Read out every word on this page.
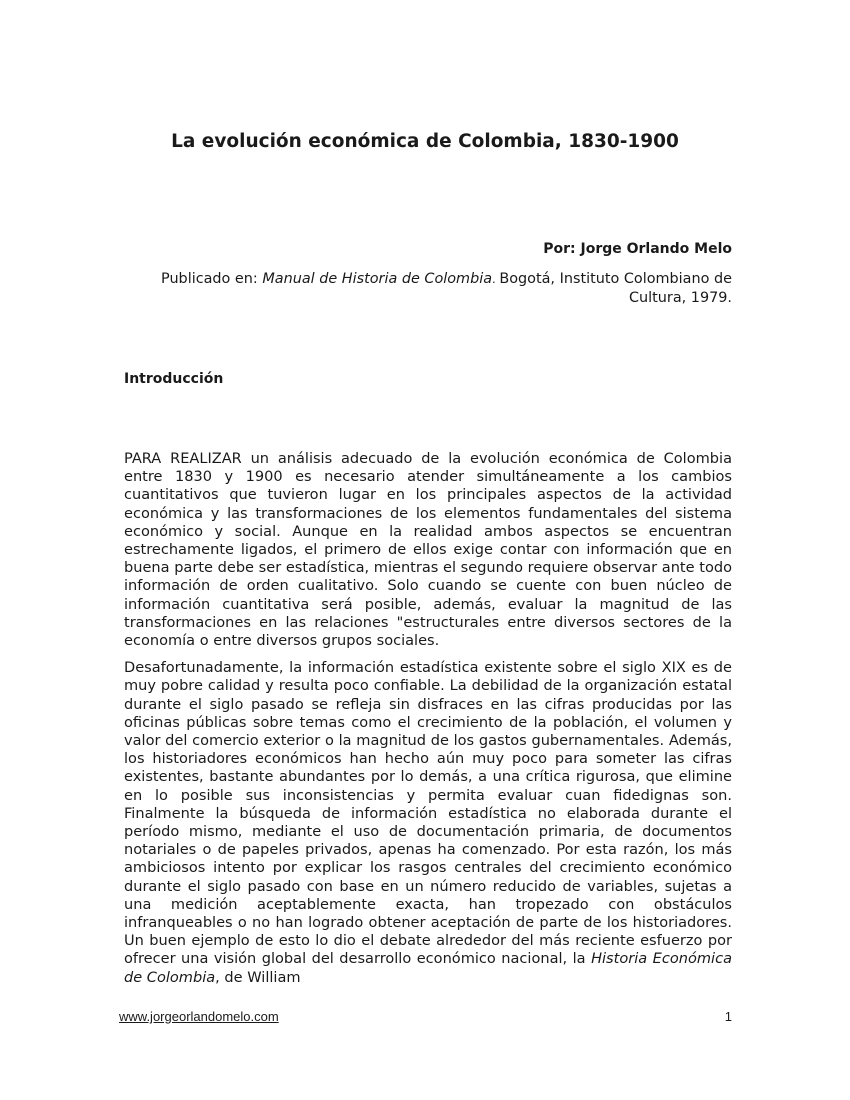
La evolución económica de Colombia, 1830-1900

Por: Jorge Orlando Melo

Publicado en: Manual de Historia de Colombia. Bogotá, Instituto Colombiano de Cultura, 1979.

Introducción

PARA REALIZAR un análisis adecuado de la evolución económica de Colombia entre 1830 y 1900 es necesario atender simultáneamente a los cambios cuantitativos que tuvieron lugar en los principales aspectos de la actividad económica y las transformaciones de los elementos fundamentales del sistema económico y social. Aunque en la realidad ambos aspectos se encuentran estrechamente ligados, el primero de ellos exige contar con información que en buena parte debe ser estadística, mientras el segundo requiere observar ante todo información de orden cualitativo. Solo cuando se cuente con buen núcleo de información cuantitativa será posible, además, evaluar la magnitud de las transformaciones en las relaciones "estructurales entre diversos sectores de la economía o entre diversos grupos sociales.

Desafortunadamente, la información estadística existente sobre el siglo XIX es de muy pobre calidad y resulta poco confiable. La debilidad de la organización estatal durante el siglo pasado se refleja sin disfraces en las cifras producidas por las oficinas públicas sobre temas como el crecimiento de la población, el volumen y valor del comercio exterior o la magnitud de los gastos gubernamentales. Además, los historiadores económicos han hecho aún muy poco para someter las cifras existentes, bastante abundantes por lo demás, a una crítica rigurosa, que elimine en lo posible sus inconsistencias y permita evaluar cuan fidedignas son. Finalmente la búsqueda de información estadística no elaborada durante el período mismo, mediante el uso de documentación primaria, de documentos notariales o de papeles privados, apenas ha comenzado. Por esta razón, los más ambiciosos intento por explicar los rasgos centrales del crecimiento económico durante el siglo pasado con base en un número reducido de variables, sujetas a una medición aceptablemente exacta, han tropezado con obstáculos infranqueables o no han logrado obtener aceptación de parte de los historiadores. Un buen ejemplo de esto lo dio el debate alrededor del más reciente esfuerzo por ofrecer una visión global del desarrollo económico nacional, la Historia Económica de Colombia, de William

www.jorgeorlandomelo.com	1
